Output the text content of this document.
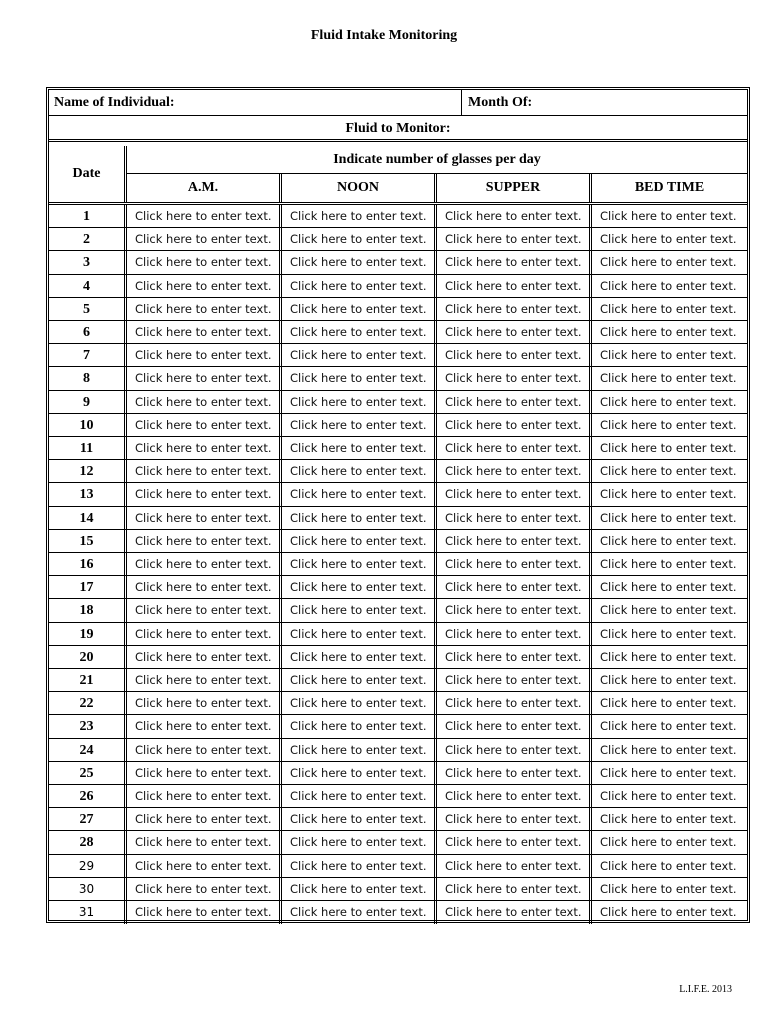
Fluid Intake Monitoring
Name of Individual:	Month Of:
Fluid to Monitor:
Date
Indicate number of glasses per day
A.M.	NOON	SUPPER	BED TIME
1	Click here to enter text.	Click here to enter text.	Click here to enter text.	Click here to enter text.
2	Click here to enter text.	Click here to enter text.	Click here to enter text.	Click here to enter text.
3	Click here to enter text.	Click here to enter text.	Click here to enter text.	Click here to enter text.
4	Click here to enter text.	Click here to enter text.	Click here to enter text.	Click here to enter text.
5	Click here to enter text.	Click here to enter text.	Click here to enter text.	Click here to enter text.
6	Click here to enter text.	Click here to enter text.	Click here to enter text.	Click here to enter text.
7	Click here to enter text.	Click here to enter text.	Click here to enter text.	Click here to enter text.
8	Click here to enter text.	Click here to enter text.	Click here to enter text.	Click here to enter text.
9	Click here to enter text.	Click here to enter text.	Click here to enter text.	Click here to enter text.
10	Click here to enter text.	Click here to enter text.	Click here to enter text.	Click here to enter text.
11	Click here to enter text.	Click here to enter text.	Click here to enter text.	Click here to enter text.
12	Click here to enter text.	Click here to enter text.	Click here to enter text.	Click here to enter text.
13	Click here to enter text.	Click here to enter text.	Click here to enter text.	Click here to enter text.
14	Click here to enter text.	Click here to enter text.	Click here to enter text.	Click here to enter text.
15	Click here to enter text.	Click here to enter text.	Click here to enter text.	Click here to enter text.
16	Click here to enter text.	Click here to enter text.	Click here to enter text.	Click here to enter text.
17	Click here to enter text.	Click here to enter text.	Click here to enter text.	Click here to enter text.
18	Click here to enter text.	Click here to enter text.	Click here to enter text.	Click here to enter text.
19	Click here to enter text.	Click here to enter text.	Click here to enter text.	Click here to enter text.
20	Click here to enter text.	Click here to enter text.	Click here to enter text.	Click here to enter text.
21	Click here to enter text.	Click here to enter text.	Click here to enter text.	Click here to enter text.
22	Click here to enter text.	Click here to enter text.	Click here to enter text.	Click here to enter text.
23	Click here to enter text.	Click here to enter text.	Click here to enter text.	Click here to enter text.
24	Click here to enter text.	Click here to enter text.	Click here to enter text.	Click here to enter text.
25	Click here to enter text.	Click here to enter text.	Click here to enter text.	Click here to enter text.
26	Click here to enter text.	Click here to enter text.	Click here to enter text.	Click here to enter text.
27	Click here to enter text.	Click here to enter text.	Click here to enter text.	Click here to enter text.
28	Click here to enter text.	Click here to enter text.	Click here to enter text.	Click here to enter text.
29	Click here to enter text.	Click here to enter text.	Click here to enter text.	Click here to enter text.
30	Click here to enter text.	Click here to enter text.	Click here to enter text.	Click here to enter text.
31	Click here to enter text.	Click here to enter text.	Click here to enter text.	Click here to enter text.
L.I.F.E. 2013
